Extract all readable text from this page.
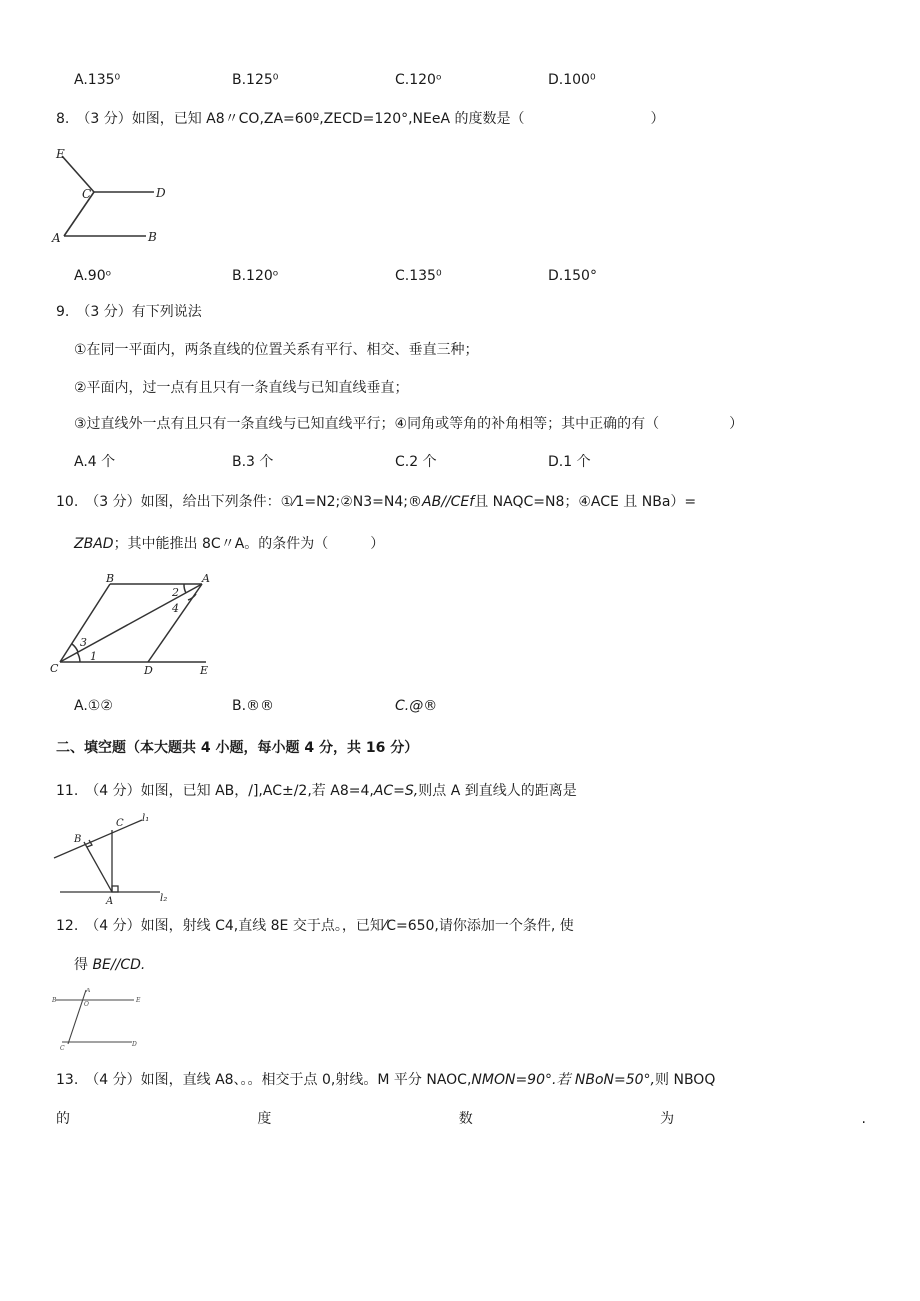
A.135⁰	B.125⁰	C.120ᵒ	D.100⁰
8.　（3 分）如图，已知 A8〃CO,ZA=60º,ZECD=120°,NEeA 的度数是（　　　　　　　　　）
E
C	D
A	B
A.90ᵒ	B.120ᵒ	C.135⁰	D.150°
9.　（3 分）有下列说法
①在同一平面内，两条直线的位置关系有平行、相交、垂直三种；
②平面内，过一点有且只有一条直线与已知直线垂直；
③过直线外一点有且只有一条直线与已知直线平行；④同角或等角的补角相等；其中正确的有（　　　　　）
A.4 个	B.3 个	C.2 个	D.1 个
10.　（3 分）如图，给出下列条件：①⁄1=N2;②N3=N4;®AB//CEf且 NAQC=N8；④ACE 且 NBa）=
ZBAD；其中能推出 8C〃A。的条件为（　　　）
B	A
C	D	E
1
2
3
4
A.①②	B.®®	C.@®
二、填空题（本大题共 4 小题，每小题 4 分，共 16 分）
11.　（4 分）如图，已知 AB，/],AC±/2,若 A8=4,AC=S,则点 A 到直线人的距离是
C l₁
B
A	l₂
12.　（4 分）如图，射线 C4,直线 8E 交于点。，已知⁄C=650,请你添加一个条件, 使
得 BE//CD.
A
B
O
E
C
D
13.　（4 分）如图，直线 A8、。。相交于点 0,射线。M 平分 NAOC,NMON=90°.若 NBoN=50°,则 NBOQ
的	度	数	为	.
